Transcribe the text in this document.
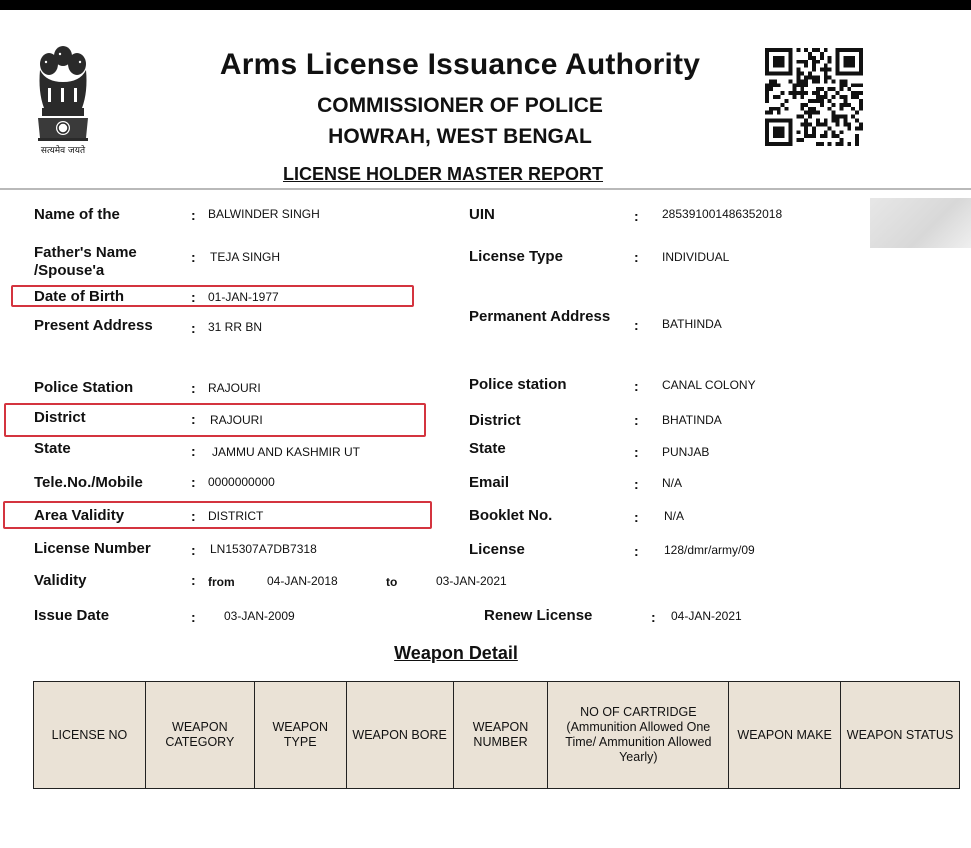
सत्यमेव जयते
Arms License Issuance Authority
COMMISSIONER OF POLICE
HOWRAH, WEST BENGAL
LICENSE HOLDER MASTER REPORT
Name of the	: BALWINDER SINGH
Father's Name
/Spouse'a
: TEJA SINGH
Date of Birth	: 01-JAN-1977
Present Address	: 31 RR BN
Police Station	: RAJOURI
District	: RAJOURI
State	: JAMMU AND KASHMIR UT
Tele.No./Mobile	: 0000000000
Area Validity	: DISTRICT
License Number	: LN15307A7DB7318
Validity	: from	04-JAN-2018	to	03-JAN-2021
Issue Date	: 03-JAN-2009
UIN	: 285391001486352018
License Type	: INDIVIDUAL
Permanent Address : BATHINDA
Police station	: CANAL COLONY
District	: BHATINDA
State	: PUNJAB
Email	: N/A
Booklet No.	: N/A
License	: 128/dmr/army/09
Renew License	: 04-JAN-2021
Weapon Detail
LICENSE NO	WEAPON CATEGORY	WEAPON TYPE	WEAPON BORE	WEAPON NUMBER	NO OF CARTRIDGE (Ammunition Allowed One Time/ Ammunition Allowed Yearly)	WEAPON MAKE	WEAPON STATUS
